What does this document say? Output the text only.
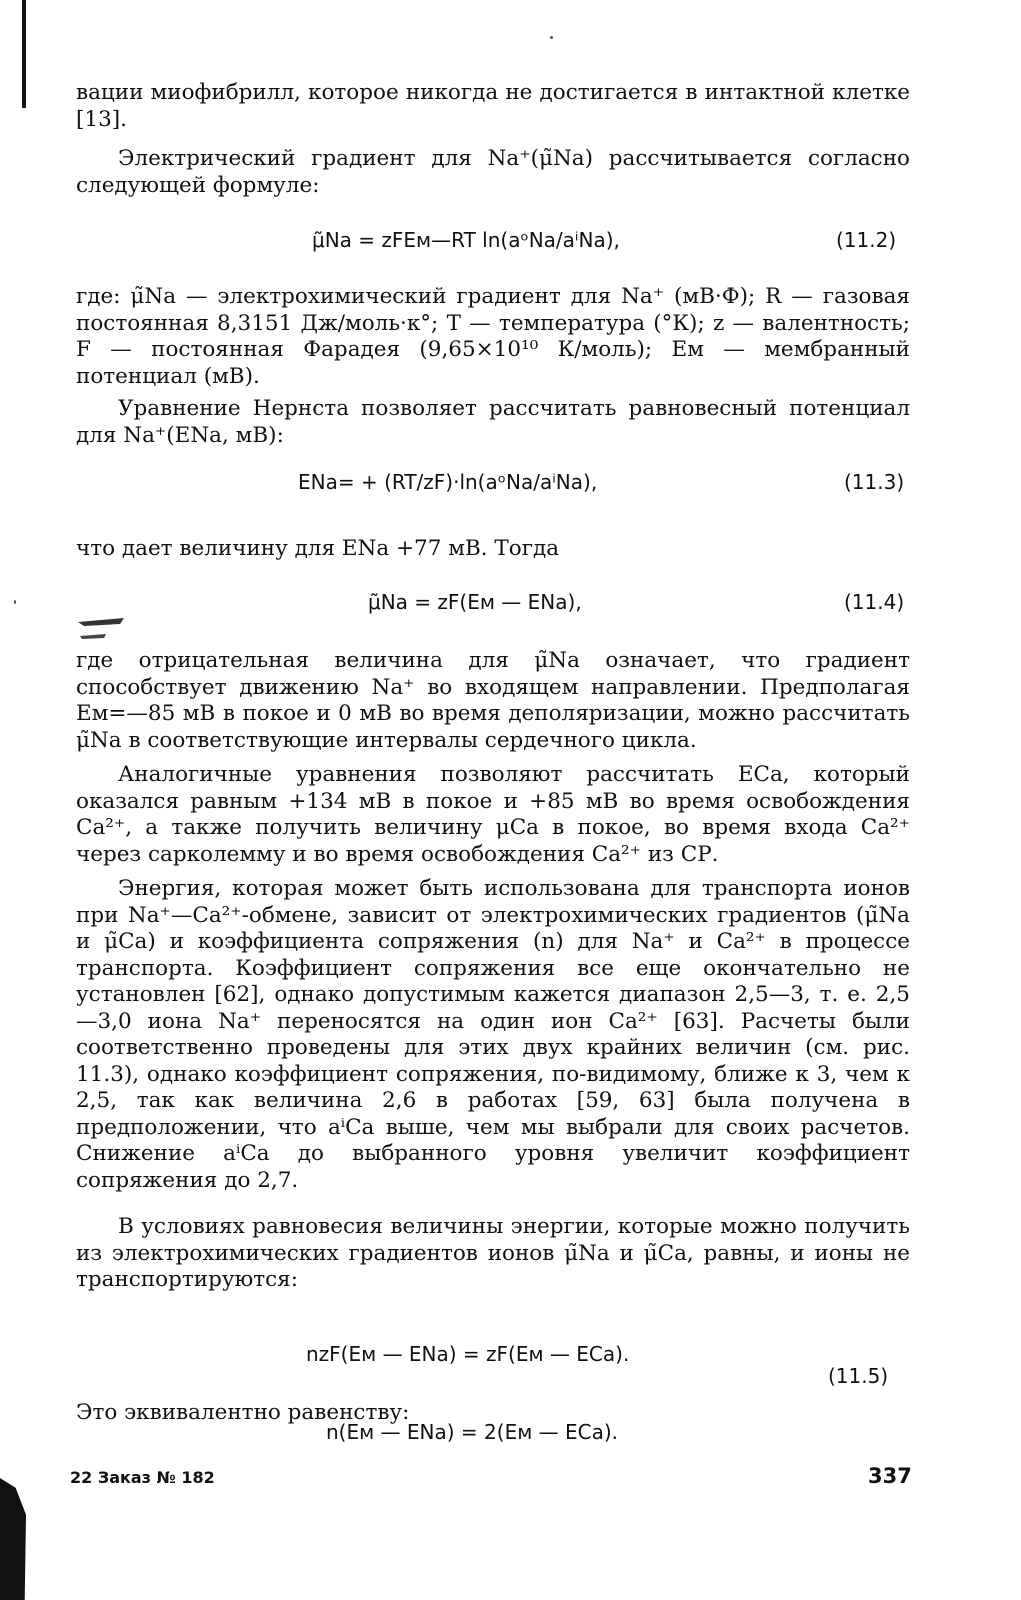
вации миофибрилл, которое никогда не достигается в интактной клетке [13].

Электрический градиент для Na⁺(μ̃Na) рассчитывается согласно следующей формуле:

μ̃Na = zFEм—RT ln(aᵒNa/aⁱNa),	(11.2)

где: μ̃Na — электрохимический градиент для Na⁺ (мВ·Ф); R — газовая постоянная 8,3151 Дж/моль·к°; T — температура (°К); z — валентность; F — постоянная Фарадея (9,65×10¹⁰ К/моль); Eм — мембранный потенциал (мВ).

Уравнение Нернста позволяет рассчитать равновесный потенциал для Na⁺(ENa, мВ):

ENa= + (RT/zF)·ln(aᵒNa/aⁱNa),	(11.3)

что дает величину для ENa +77 мВ. Тогда

μ̃Na = zF(Eм — ENa),	(11.4)

где отрицательная величина для μ̃Na означает, что градиент способствует движению Na⁺ во входящем направлении. Предполагая Eм=—85 мВ в покое и 0 мВ во время деполяризации, можно рассчитать μ̃Na в соответствующие интервалы сердечного цикла.

Аналогичные уравнения позволяют рассчитать ECa, который оказался равным +134 мВ в покое и +85 мВ во время освобождения Ca²⁺, а также получить величину μCa в покое, во время входа Ca²⁺ через сарколемму и во время освобождения Ca²⁺ из СР.

Энергия, которая может быть использована для транспорта ионов при Na⁺—Ca²⁺-обмене, зависит от электрохимических градиентов (μ̃Na и μ̃Ca) и коэффициента сопряжения (n) для Na⁺ и Ca²⁺ в процессе транспорта. Коэффициент сопряжения все еще окончательно не установлен [62], однако допустимым кажется диапазон 2,5—3, т. е. 2,5—3,0 иона Na⁺ переносятся на один ион Ca²⁺ [63]. Расчеты были соответственно проведены для этих двух крайних величин (см. рис. 11.3), однако коэффициент сопряжения, по-видимому, ближе к 3, чем к 2,5, так как величина 2,6 в работах [59, 63] была получена в предположении, что aⁱCa выше, чем мы выбрали для своих расчетов. Снижение aⁱCa до выбранного уровня увеличит коэффициент сопряжения до 2,7.

В условиях равновесия величины энергии, которые можно получить из электрохимических градиентов ионов μ̃Na и μ̃Ca, равны, и ионы не транспортируются:

nzF(Eм — ENa) = zF(Eм — ECa).
(11.5)

Это эквивалентно равенству:

n(Eм — ENa) = 2(Eм — ECa).
22 Заказ № 182	337
